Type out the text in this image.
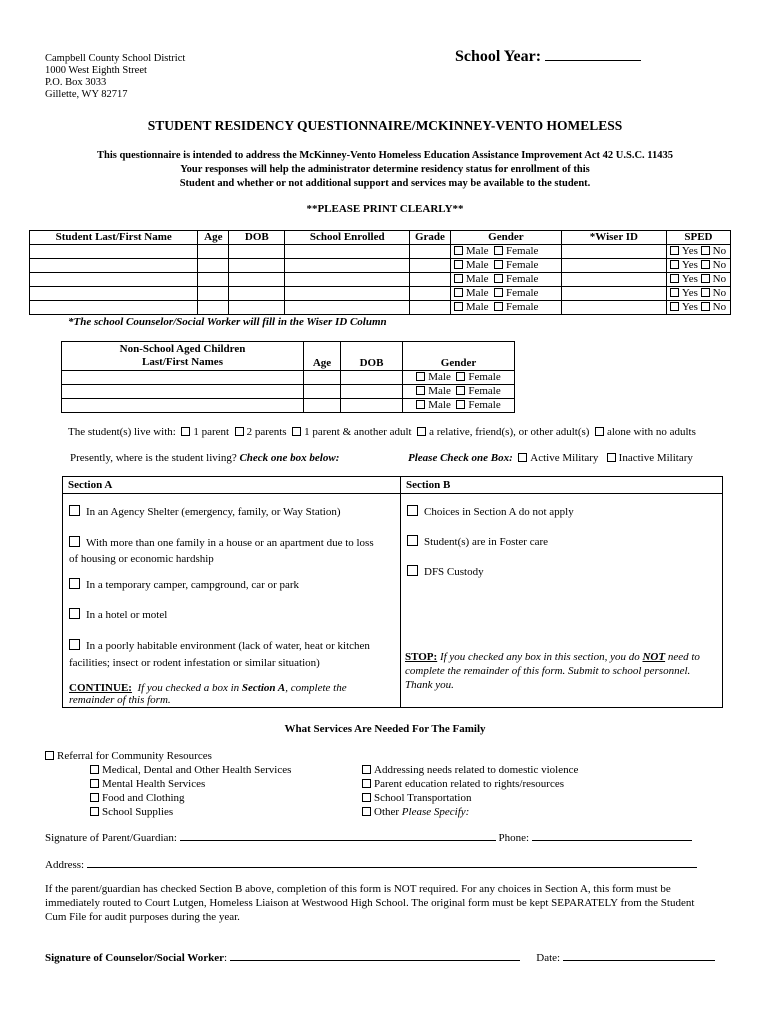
Campbell County School District
1000 West Eighth Street
P.O. Box 3033
Gillette, WY 82717
School Year:
STUDENT RESIDENCY QUESTIONNAIRE/MCKINNEY-VENTO HOMELESS
This questionnaire is intended to address the McKinney-Vento Homeless Education Assistance Improvement Act 42 U.S.C. 11435
Your responses will help the administrator determine residency status for enrollment of this
Student and whether or not additional support and services may be available to the student.
**PLEASE PRINT CLEARLY**
Student Last/First Name	Age	DOB	School Enrolled	Grade	Gender	*Wiser ID	SPED
					Male Female		Yes No
					Male Female		Yes No
					Male Female		Yes No
					Male Female		Yes No
					Male Female		Yes No
*The school Counselor/Social Worker will fill in the Wiser ID Column
Non-School Aged Children
Last/First Names	Age	DOB	Gender
			Male Female
			Male Female
			Male Female
The student(s) live with: 1 parent 2 parents 1 parent & another adult a relative, friend(s), or other adult(s) alone with no adults
Presently, where is the student living? Check one box below:	Please Check one Box: Active Military Inactive Military
Section A	Section B
In an Agency Shelter (emergency, family, or Way Station)
With more than one family in a house or an apartment due to loss
of housing or economic hardship
In a temporary camper, campground, car or park
In a hotel or motel
In a poorly habitable environment (lack of water, heat or kitchen
facilities; insect or rodent infestation or similar situation)
CONTINUE: If you checked a box in Section A, complete the
remainder of this form.
Choices in Section A do not apply
Student(s) are in Foster care
DFS Custody
STOP: If you checked any box in this section, you do NOT need to
complete the remainder of this form. Submit to school personnel.
Thank you.
What Services Are Needed For The Family
Referral for Community Resources
Medical, Dental and Other Health Services
Mental Health Services
Food and Clothing
School Supplies
Addressing needs related to domestic violence
Parent education related to rights/resources
School Transportation
Other Please Specify:
Signature of Parent/Guardian:	Phone:
Address:
If the parent/guardian has checked Section B above, completion of this form is NOT required. For any choices in Section A, this form must be
immediately routed to Court Lutgen, Homeless Liaison at Westwood High School. The original form must be kept SEPARATELY from the Student
Cum File for audit purposes during the year.
Signature of Counselor/Social Worker:	Date:
